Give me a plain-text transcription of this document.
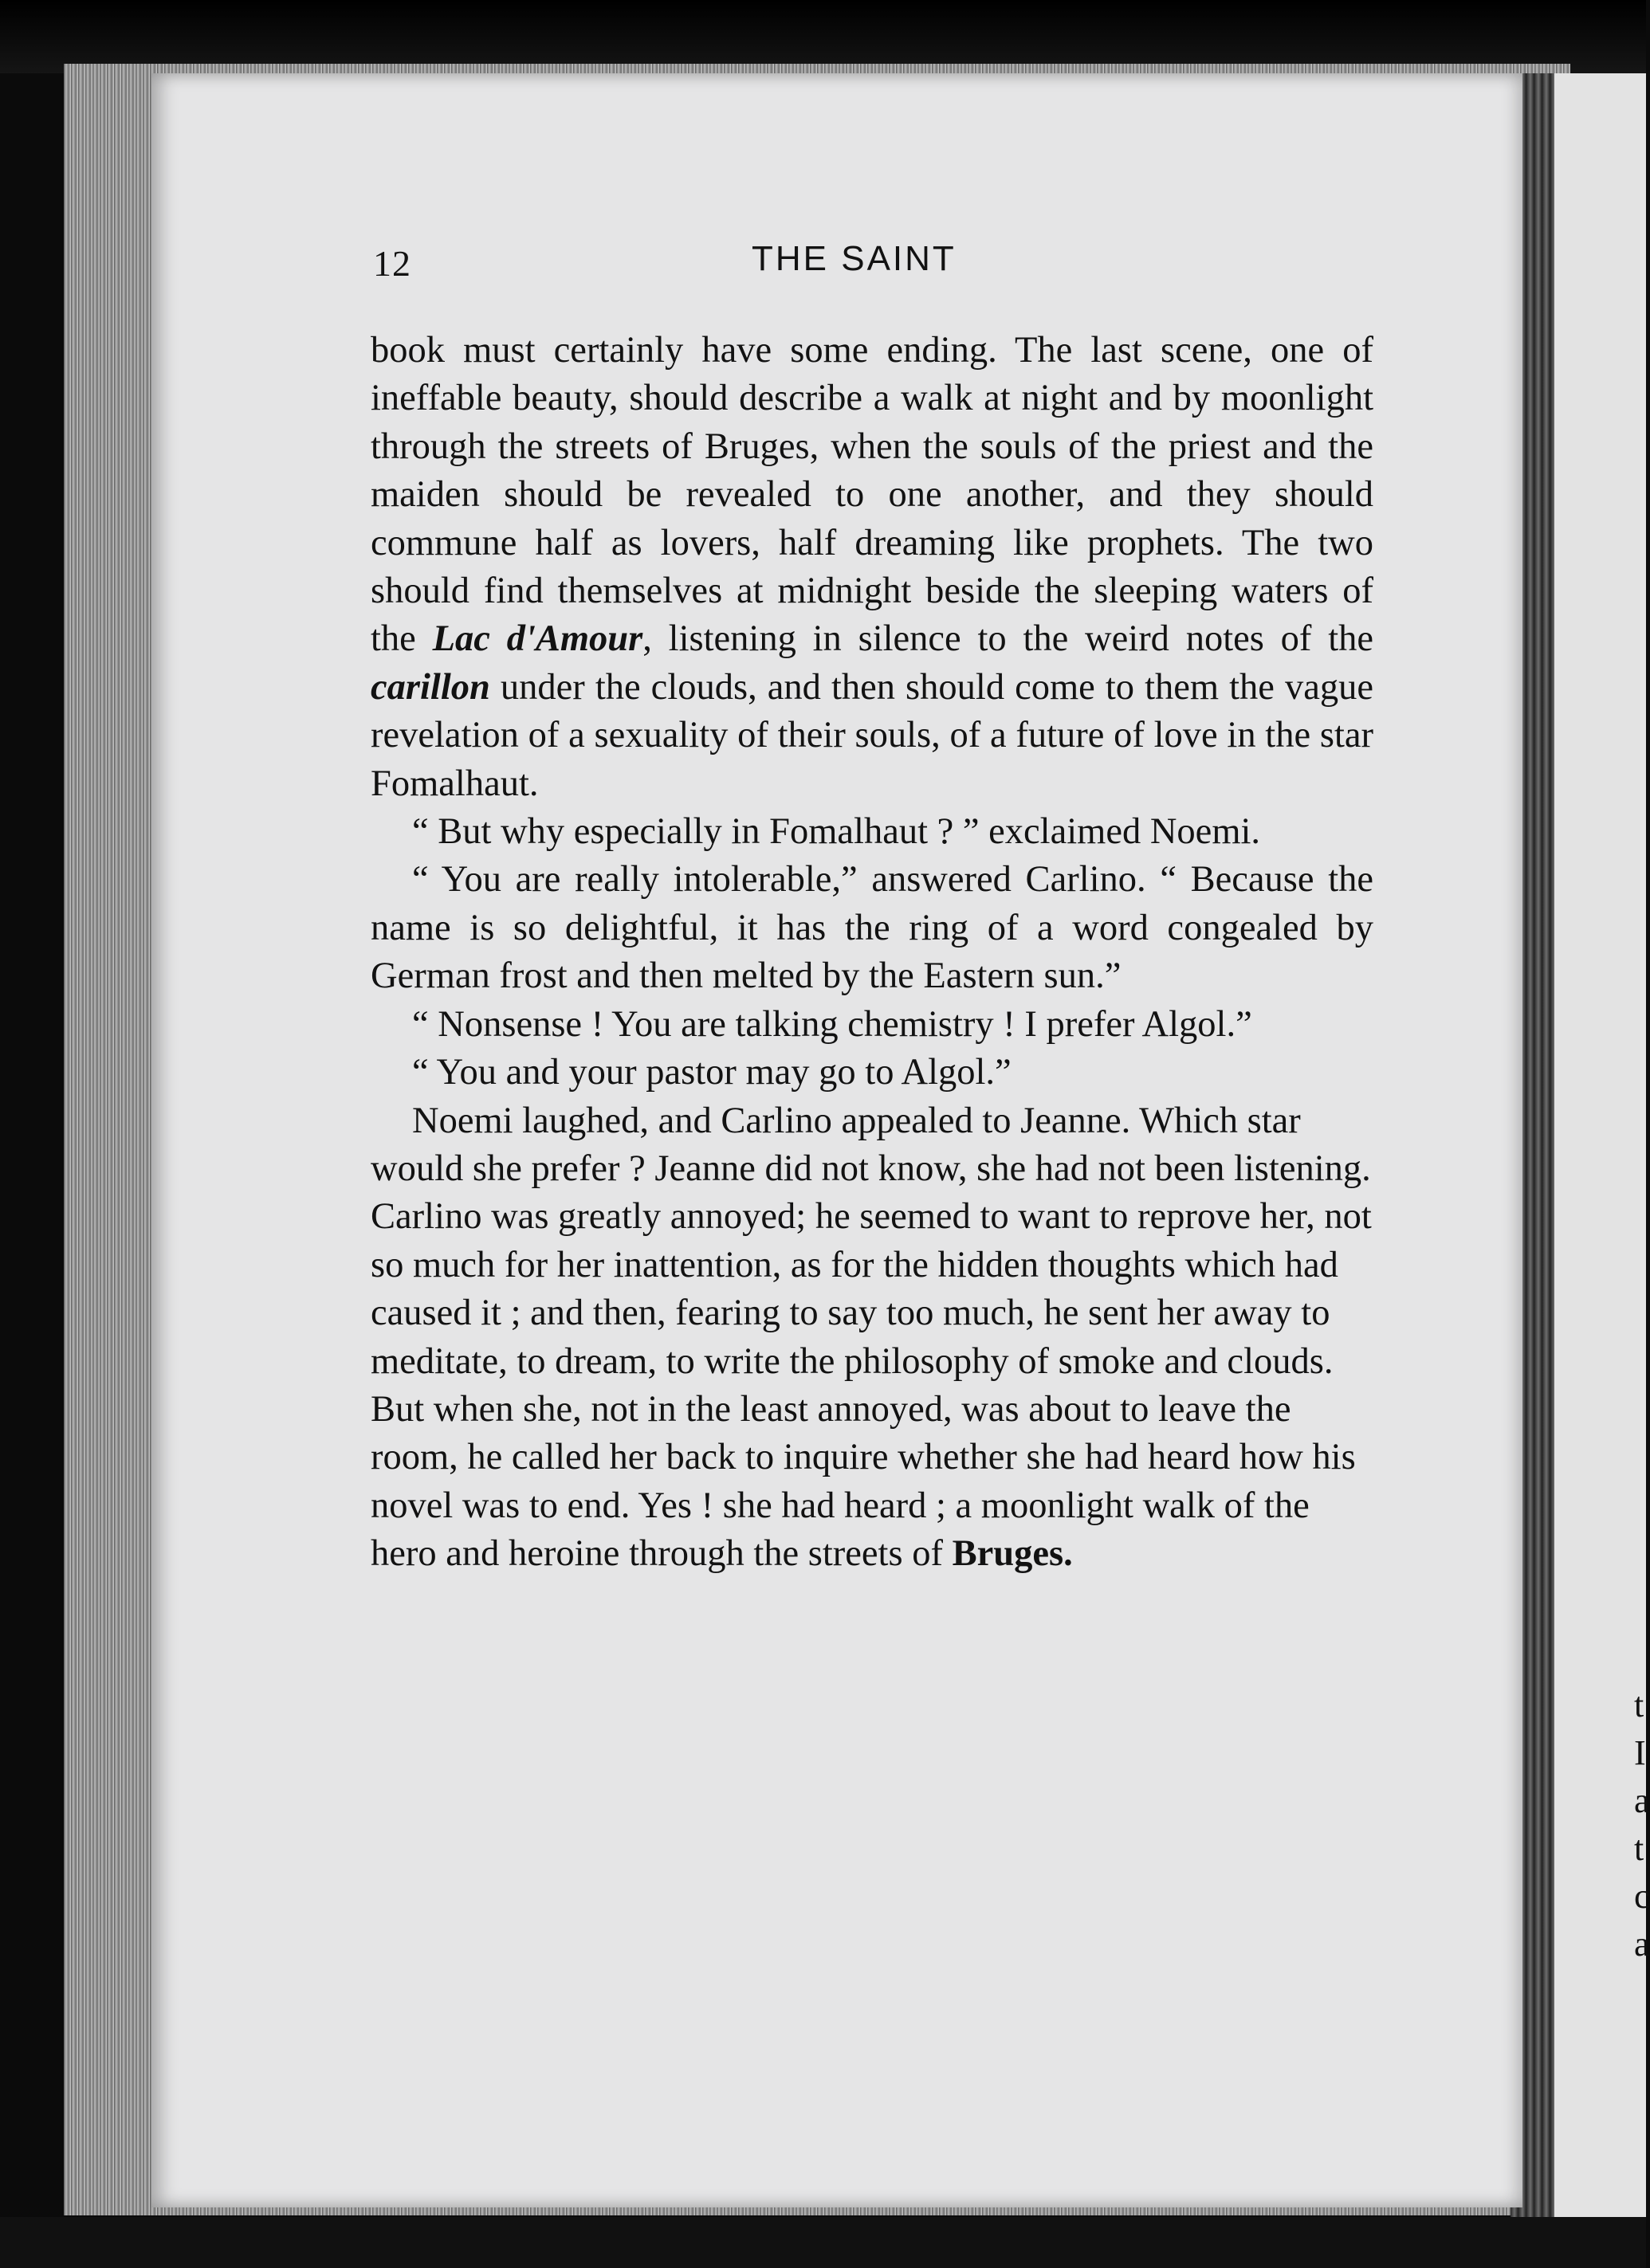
t
I
a
t
c
a
12	THE SAINT

book must certainly have some ending. The last scene, one of ineffable beauty, should describe a walk at night and by moonlight through the streets of Bruges, when the souls of the priest and the maiden should be revealed to one another, and they should commune half as lovers, half dreaming like prophets. The two should find themselves at midnight beside the sleeping waters of the Lac d'Amour, listening in silence to the weird notes of the carillon under the clouds, and then should come to them the vague revelation of a sexuality of their souls, of a future of love in the star Fomalhaut.

“ But why especially in Fomalhaut ? ” exclaimed Noemi.

“ You are really intolerable,” answered Carlino. “ Because the name is so delightful, it has the ring of a word congealed by German frost and then melted by the Eastern sun.”

“ Nonsense ! You are talking chemistry ! I prefer Algol.”

“ You and your pastor may go to Algol.”

Noemi laughed, and Carlino appealed to Jeanne. Which star would she prefer ? Jeanne did not know, she had not been listening. Carlino was greatly annoyed; he seemed to want to reprove her, not so much for her inattention, as for the hidden thoughts which had caused it ; and then, fearing to say too much, he sent her away to meditate, to dream, to write the philosophy of smoke and clouds. But when she, not in the least annoyed, was about to leave the room, he called her back to inquire whether she had heard how his novel was to end. Yes ! she had heard ; a moonlight walk of the hero and heroine through the streets of Bruges.
